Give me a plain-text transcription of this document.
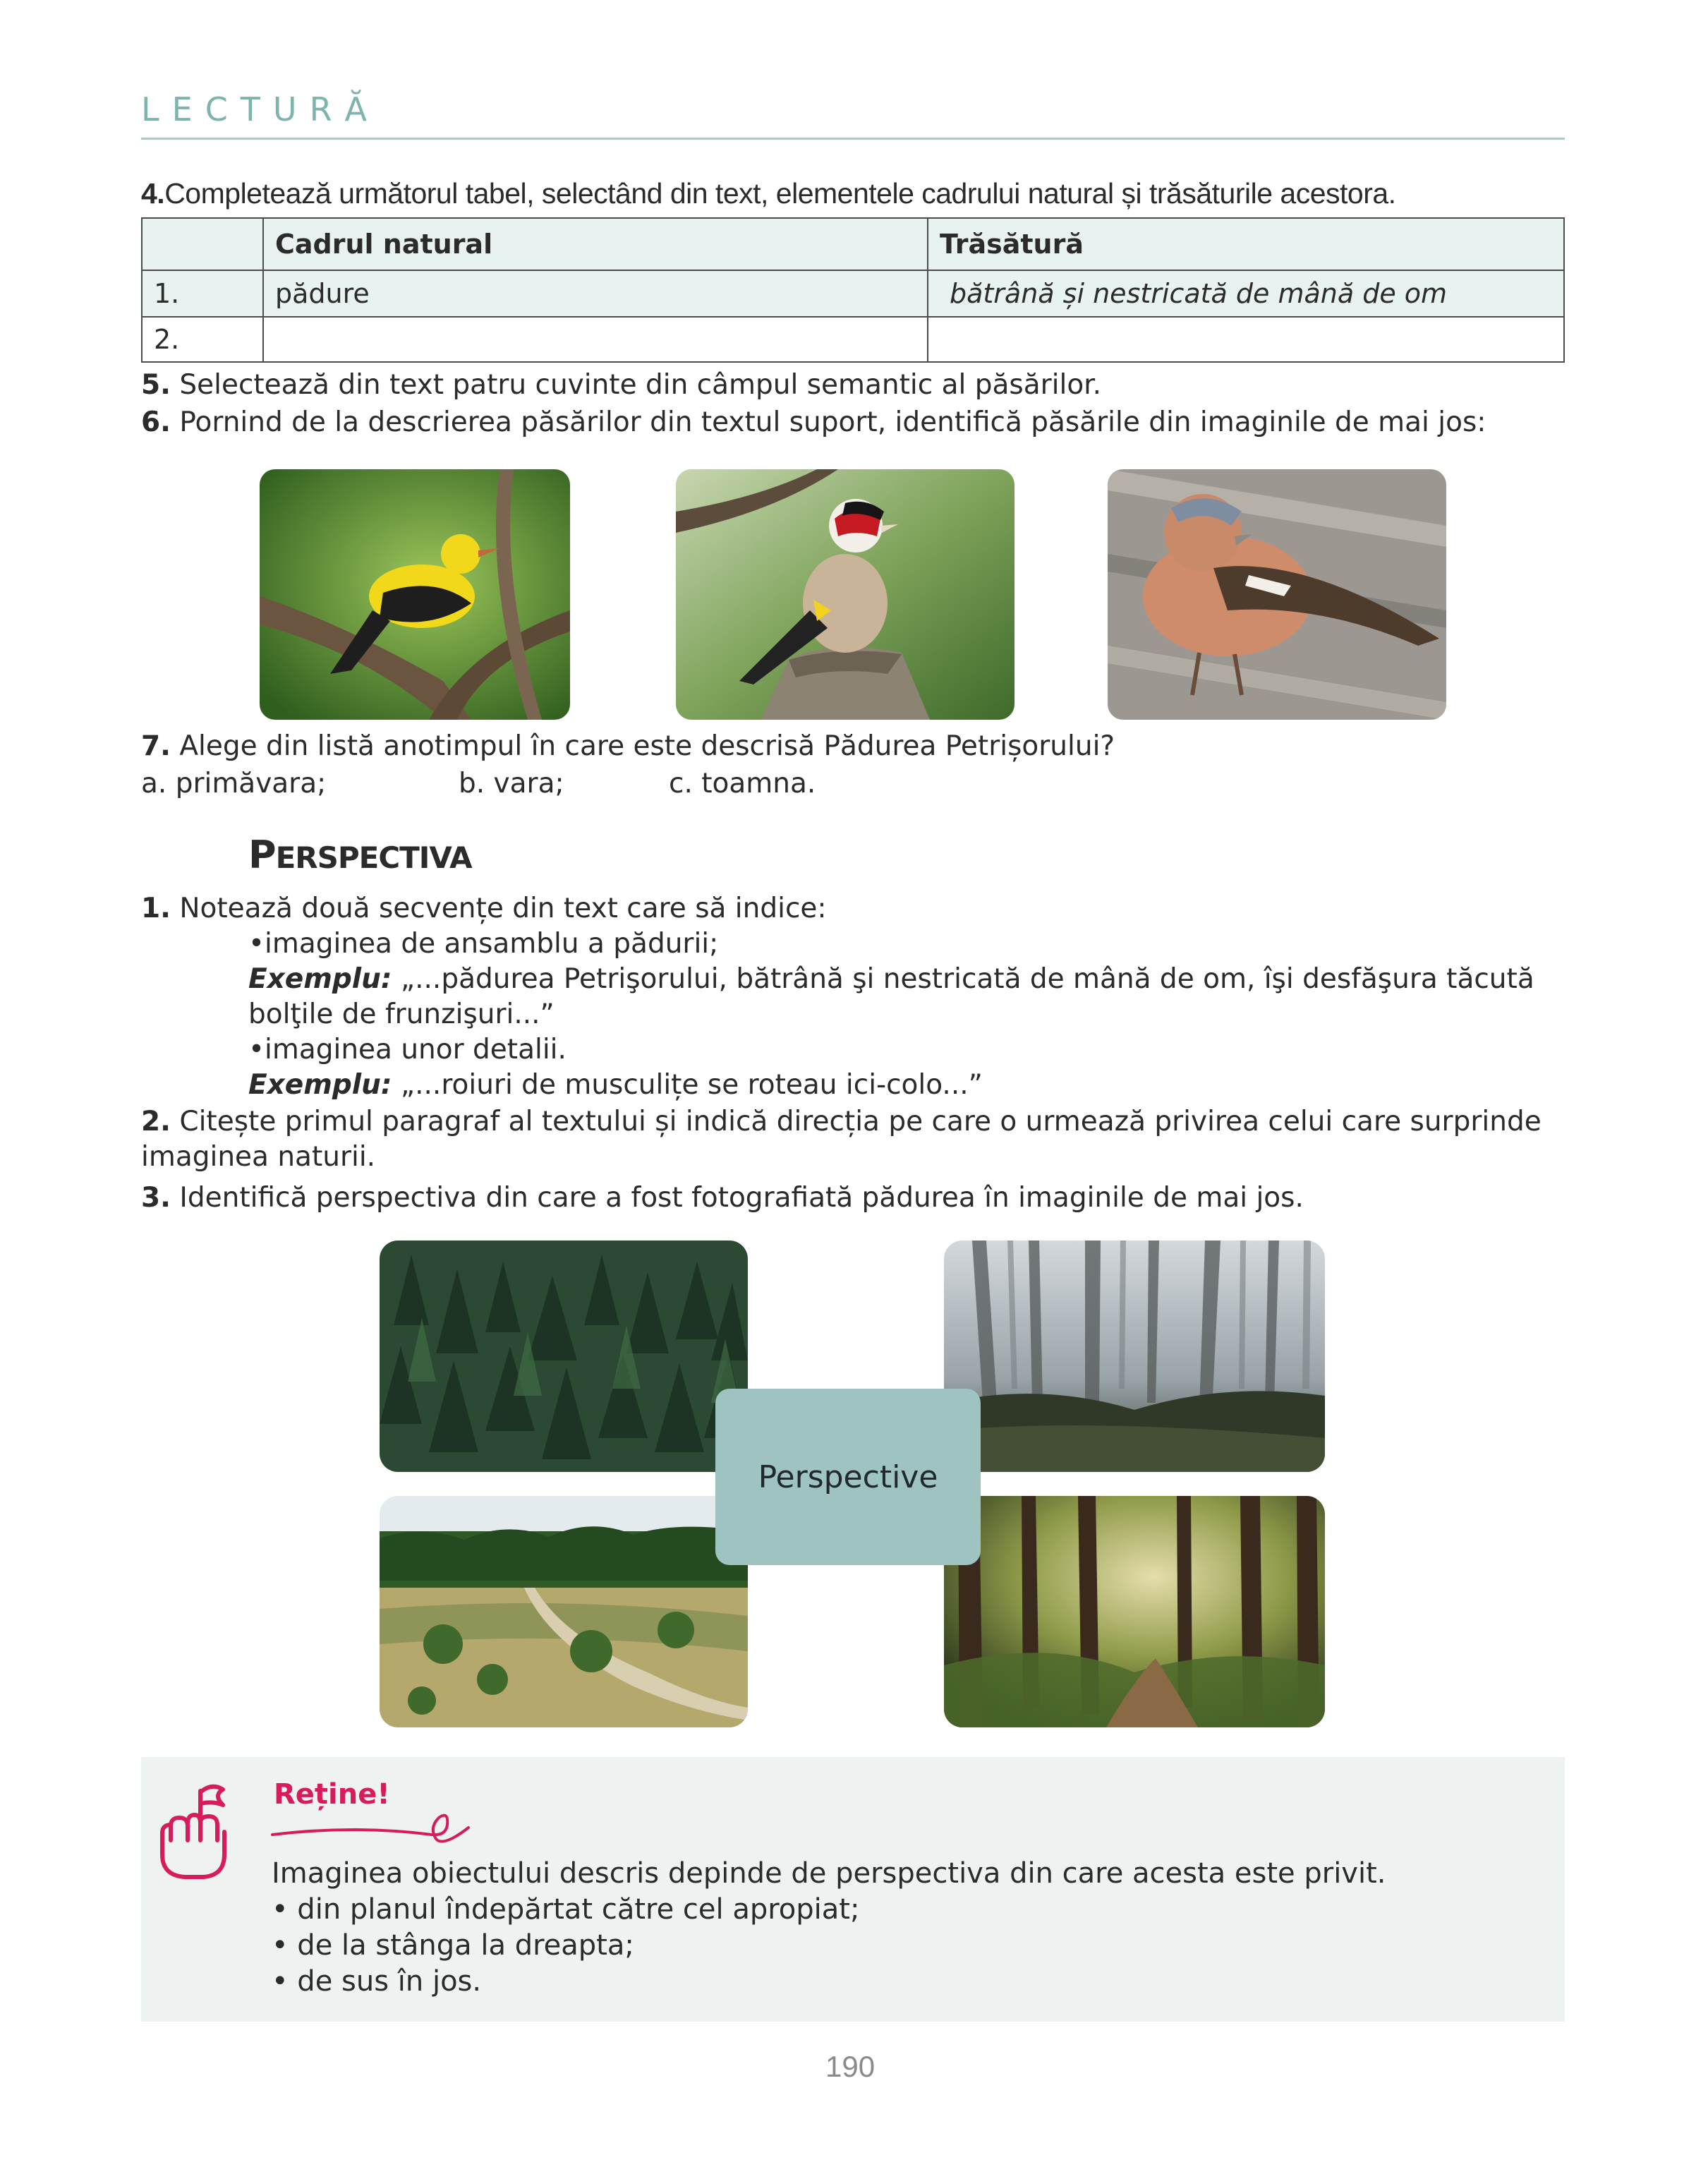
LECTURĂ
4.Completează următorul tabel, selectând din text, elementele cadrului natural și trăsăturile acestora.
	Cadrul natural	Trăsătură
1.	pădure	bătrână și nestricată de mână de om
2.		
5. Selectează din text patru cuvinte din câmpul semantic al păsărilor.
6. Pornind de la descrierea păsărilor din textul suport, identifică păsările din imaginile de mai jos:
7. Alege din listă anotimpul în care este descrisă Pădurea Petrișorului?
a. primăvara;	b. vara;	c. toamna.
PERSPECTIVA
1. Notează două secvențe din text care să indice:
•imaginea de ansamblu a pădurii;
Exemplu: „...pădurea Petrişorului, bătrână şi nestricată de mână de om, îşi desfăşura tăcută
bolţile de frunzişuri...”
•imaginea unor detalii.
Exemplu: „...roiuri de musculițe se roteau ici-colo...”
2. Citește primul paragraf al textului și indică direcția pe care o urmează privirea celui care surprinde
imaginea naturii.
3. Identifică perspectiva din care a fost fotografiată pădurea în imaginile de mai jos.
Perspective
Reține!
Imaginea obiectului descris depinde de perspectiva din care acesta este privit.
• din planul îndepărtat către cel apropiat;
• de la stânga la dreapta;
• de sus în jos.
190
